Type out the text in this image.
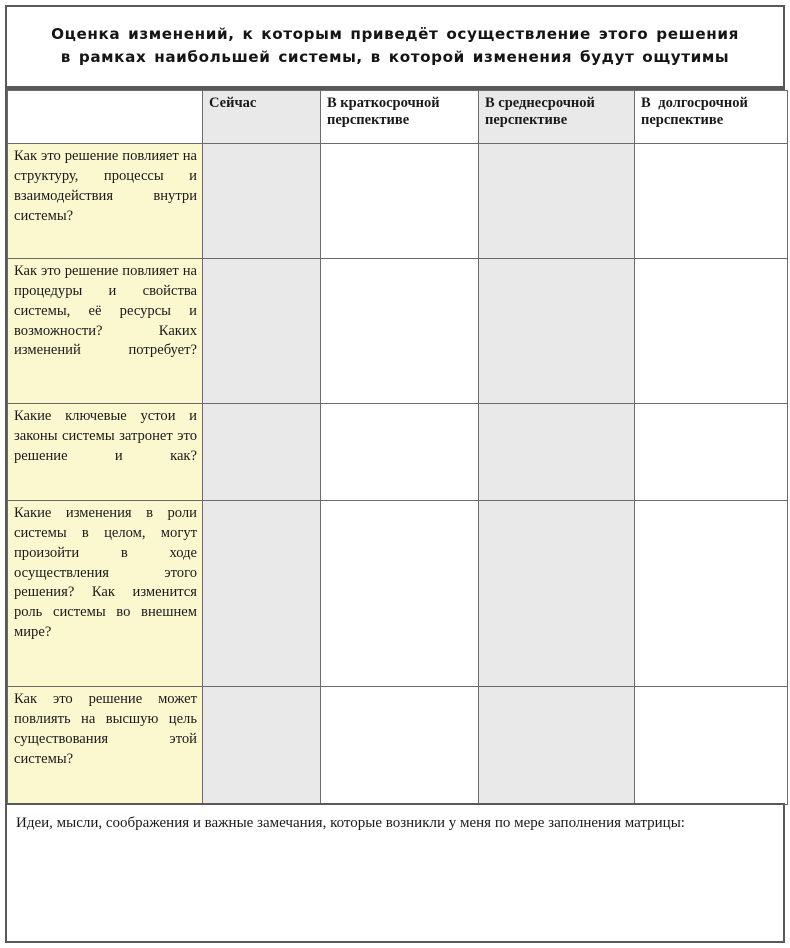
Оценка изменений, к которым приведёт осуществление этого решения
в рамках наибольшей системы, в которой изменения будут ощутимы
	Сейчас	В краткосрочной перспективе	В среднесрочной перспективе	В долгосрочной перспективе

Как это решение повлияет на структуру, процессы и взаимодействия внутри системы?				

Как это решение повлияет на процедуры и свойства системы, её ресурсы и возможности? Каких изменений потребует?				

Какие ключевые устои и законы системы затронет это решение и как?				

Какие изменения в роли системы в целом, могут произойти в ходе осуществления этого решения? Как изменится роль системы во внешнем мире?				

Как это решение может повлиять на высшую цель существования этой системы?				

Идеи, мысли, соображения и важные замечания, которые возникли у меня по мере заполнения матрицы:
